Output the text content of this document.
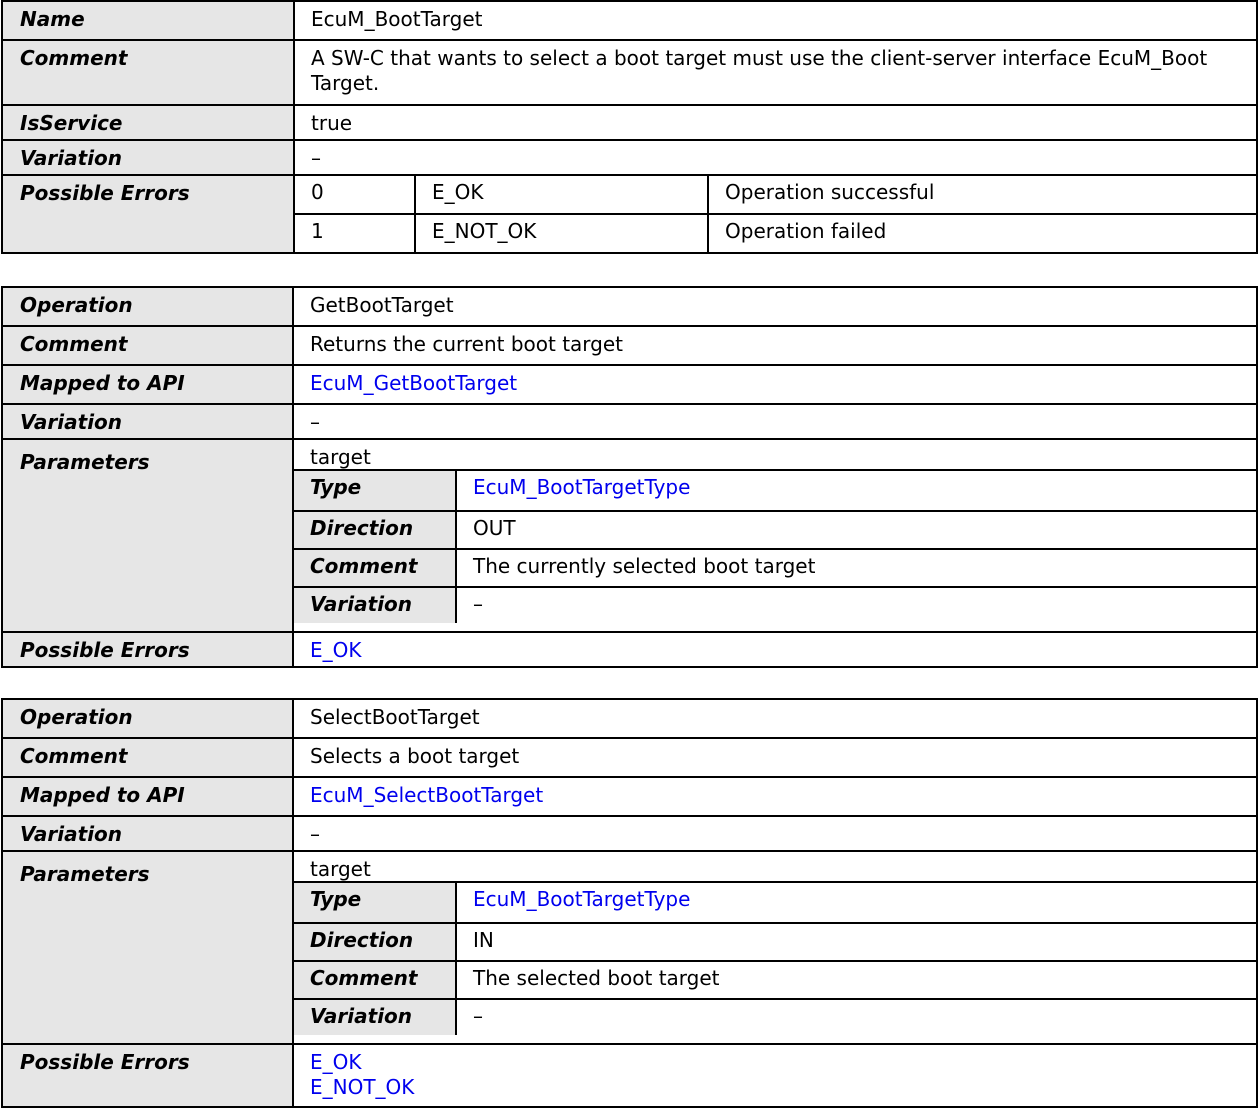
Name	EcuM_BootTarget
Comment	A SW-C that wants to select a boot target must use the client-server interface EcuM_Boot Target.
IsService	true
Variation	–
Possible Errors		0	E_OK	Operation successful
1	E_NOT_OK	Operation failed
Operation	GetBootTarget
Comment	Returns the current boot target
Mapped to API	EcuM_GetBootTarget
Variation	–
Parameters	target
Type	EcuM_BootTargetType
Direction	OUT
Comment	The currently selected boot target
Variation	–

Possible Errors	E_OK
Operation	SelectBootTarget
Comment	Selects a boot target
Mapped to API	EcuM_SelectBootTarget
Variation	–
Parameters	target
Type	EcuM_BootTargetType
Direction	IN
Comment	The selected boot target
Variation	–

Possible Errors	E_OK
E_NOT_OK
